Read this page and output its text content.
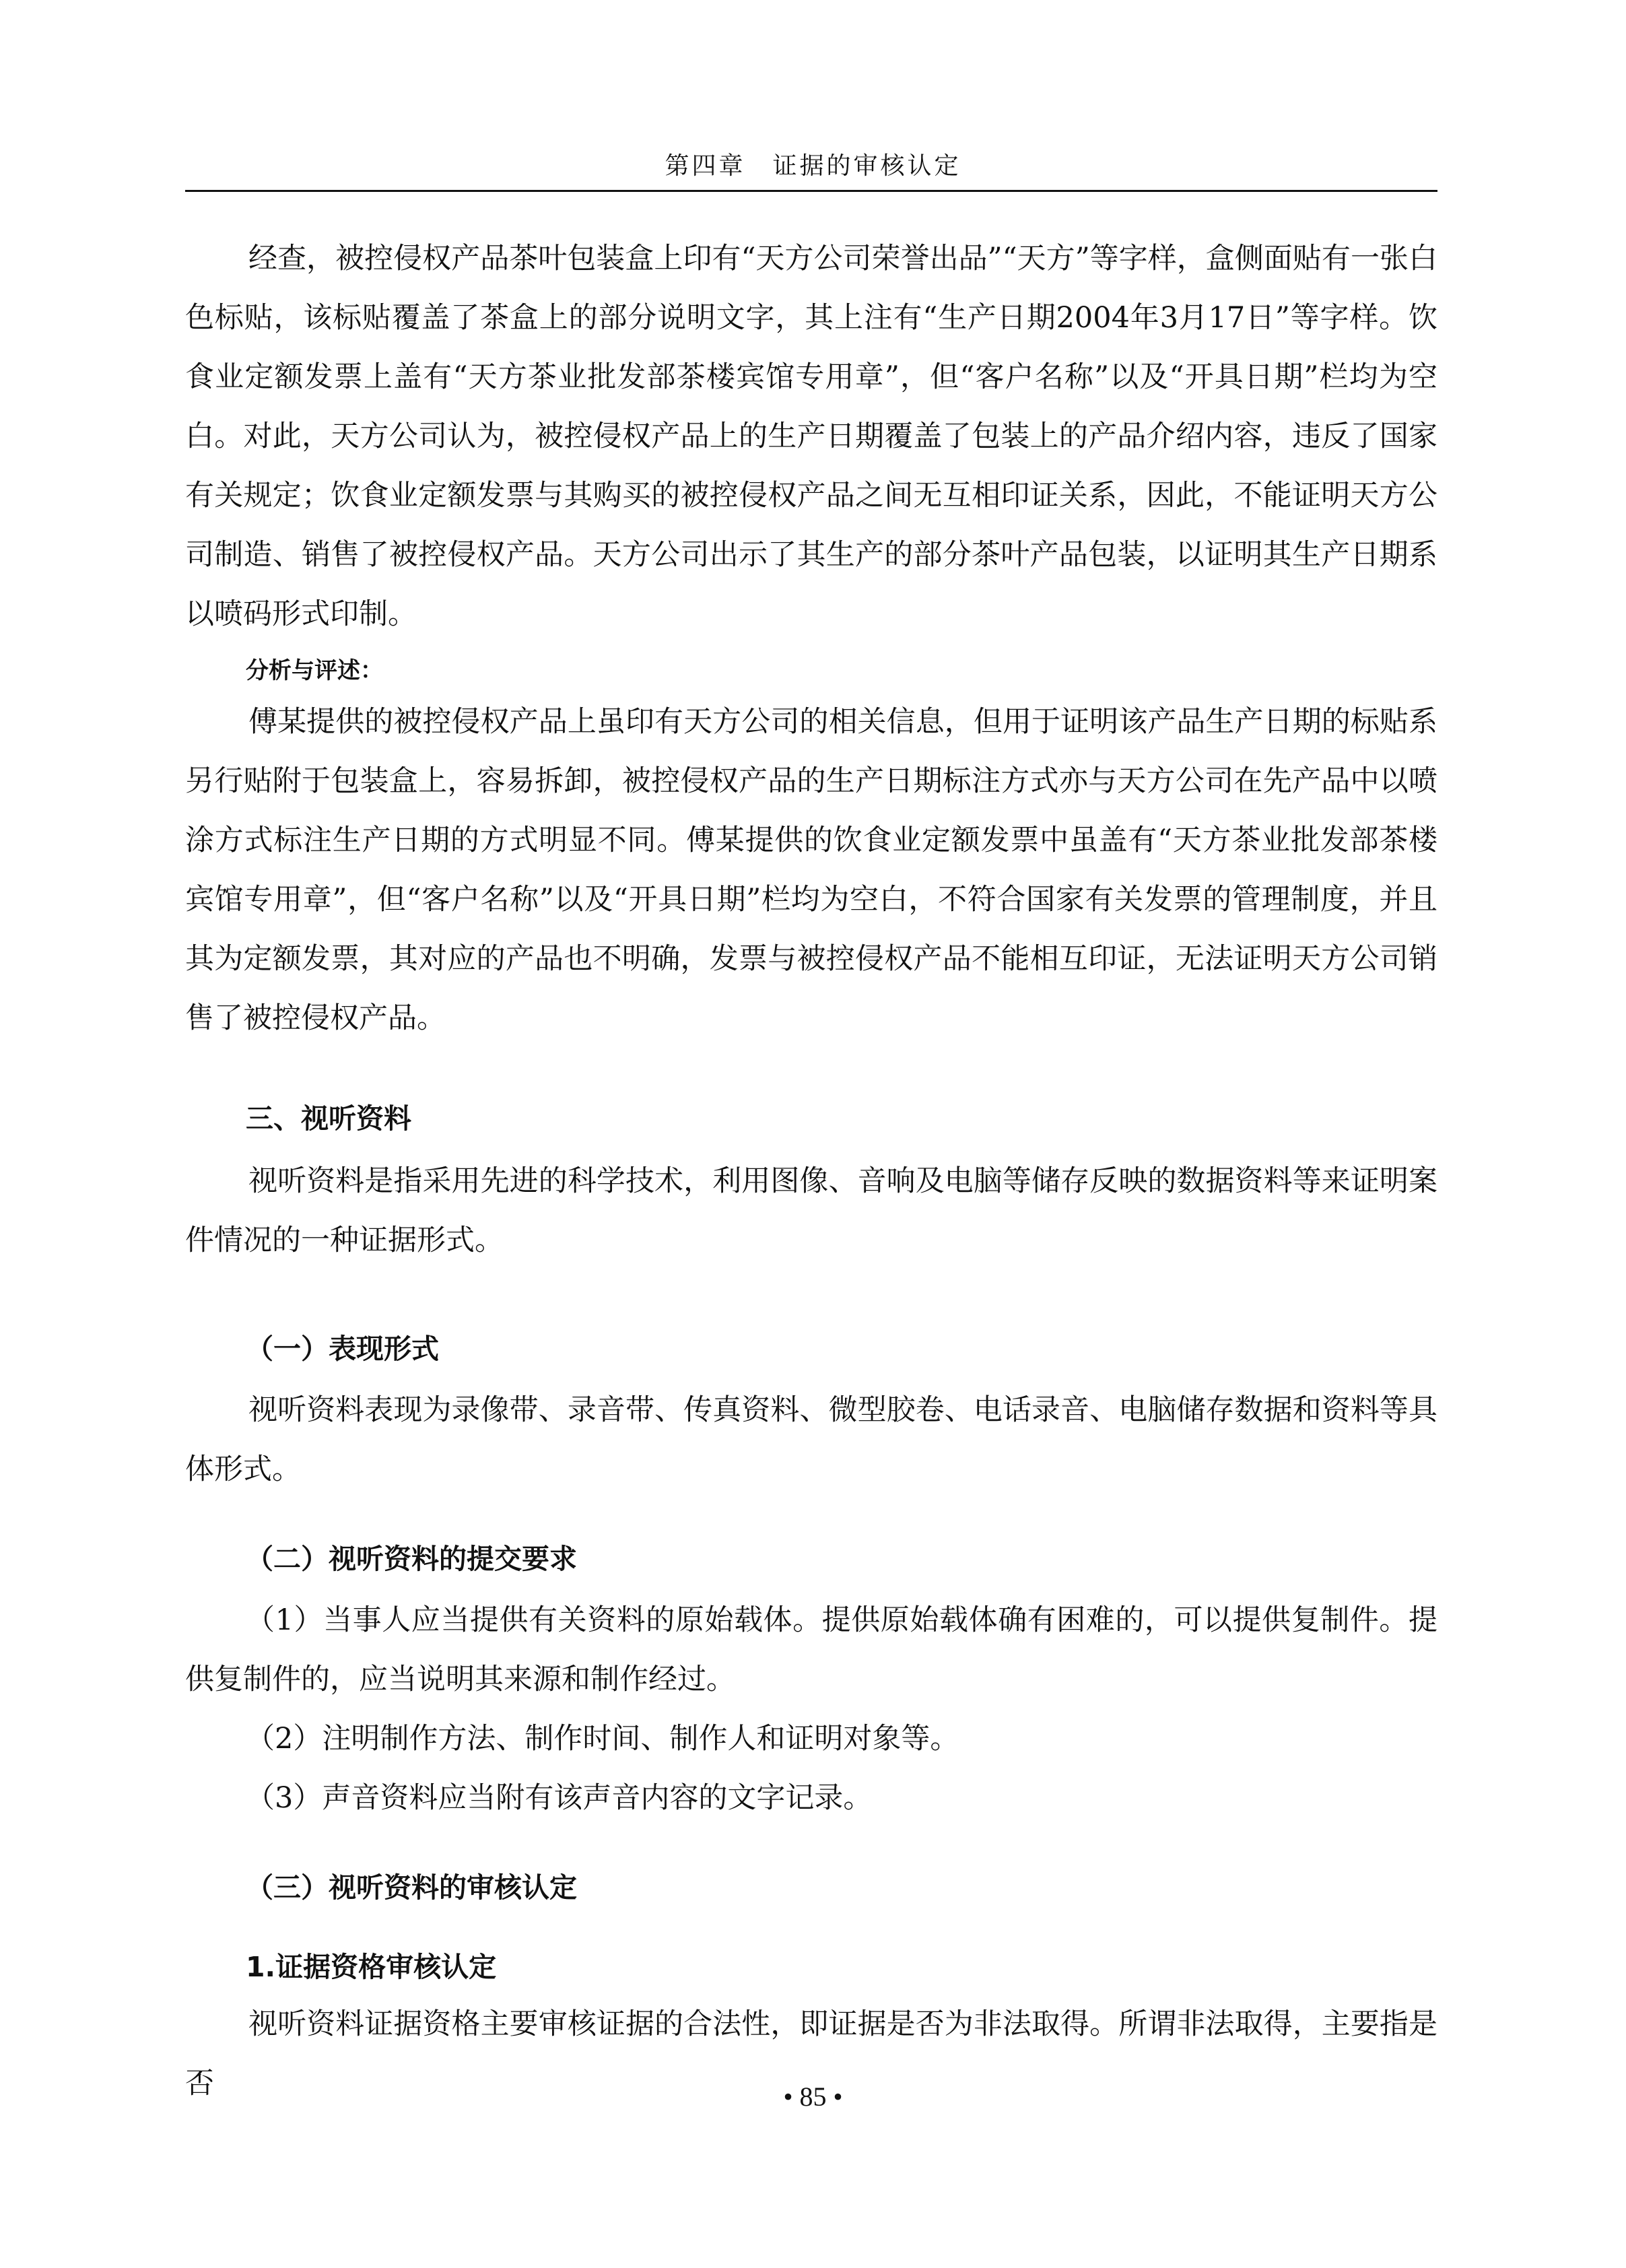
第四章　证据的审核认定

经查，被控侵权产品茶叶包装盒上印有“天方公司荣誉出品”“天方”等字样，盒侧面贴有一张白色标贴，该标贴覆盖了茶盒上的部分说明文字，其上注有“生产日期2004年3月17日”等字样。饮食业定额发票上盖有“天方茶业批发部茶楼宾馆专用章”，但“客户名称”以及“开具日期”栏均为空白。对此，天方公司认为，被控侵权产品上的生产日期覆盖了包装上的产品介绍内容，违反了国家有关规定；饮食业定额发票与其购买的被控侵权产品之间无互相印证关系，因此，不能证明天方公司制造、销售了被控侵权产品。天方公司出示了其生产的部分茶叶产品包装，以证明其生产日期系以喷码形式印制。

分析与评述：

傅某提供的被控侵权产品上虽印有天方公司的相关信息，但用于证明该产品生产日期的标贴系另行贴附于包装盒上，容易拆卸，被控侵权产品的生产日期标注方式亦与天方公司在先产品中以喷涂方式标注生产日期的方式明显不同。傅某提供的饮食业定额发票中虽盖有“天方茶业批发部茶楼宾馆专用章”，但“客户名称”以及“开具日期”栏均为空白，不符合国家有关发票的管理制度，并且其为定额发票，其对应的产品也不明确，发票与被控侵权产品不能相互印证，无法证明天方公司销售了被控侵权产品。

三、视听资料

视听资料是指采用先进的科学技术，利用图像、音响及电脑等储存反映的数据资料等来证明案件情况的一种证据形式。

（一）表现形式

视听资料表现为录像带、录音带、传真资料、微型胶卷、电话录音、电脑储存数据和资料等具体形式。

（二）视听资料的提交要求

（1）当事人应当提供有关资料的原始载体。提供原始载体确有困难的，可以提供复制件。提供复制件的，应当说明其来源和制作经过。

（2）注明制作方法、制作时间、制作人和证明对象等。

（3）声音资料应当附有该声音内容的文字记录。

（三）视听资料的审核认定

1.证据资格审核认定

视听资料证据资格主要审核证据的合法性，即证据是否为非法取得。所谓非法取得，主要指是否	• 85 •
